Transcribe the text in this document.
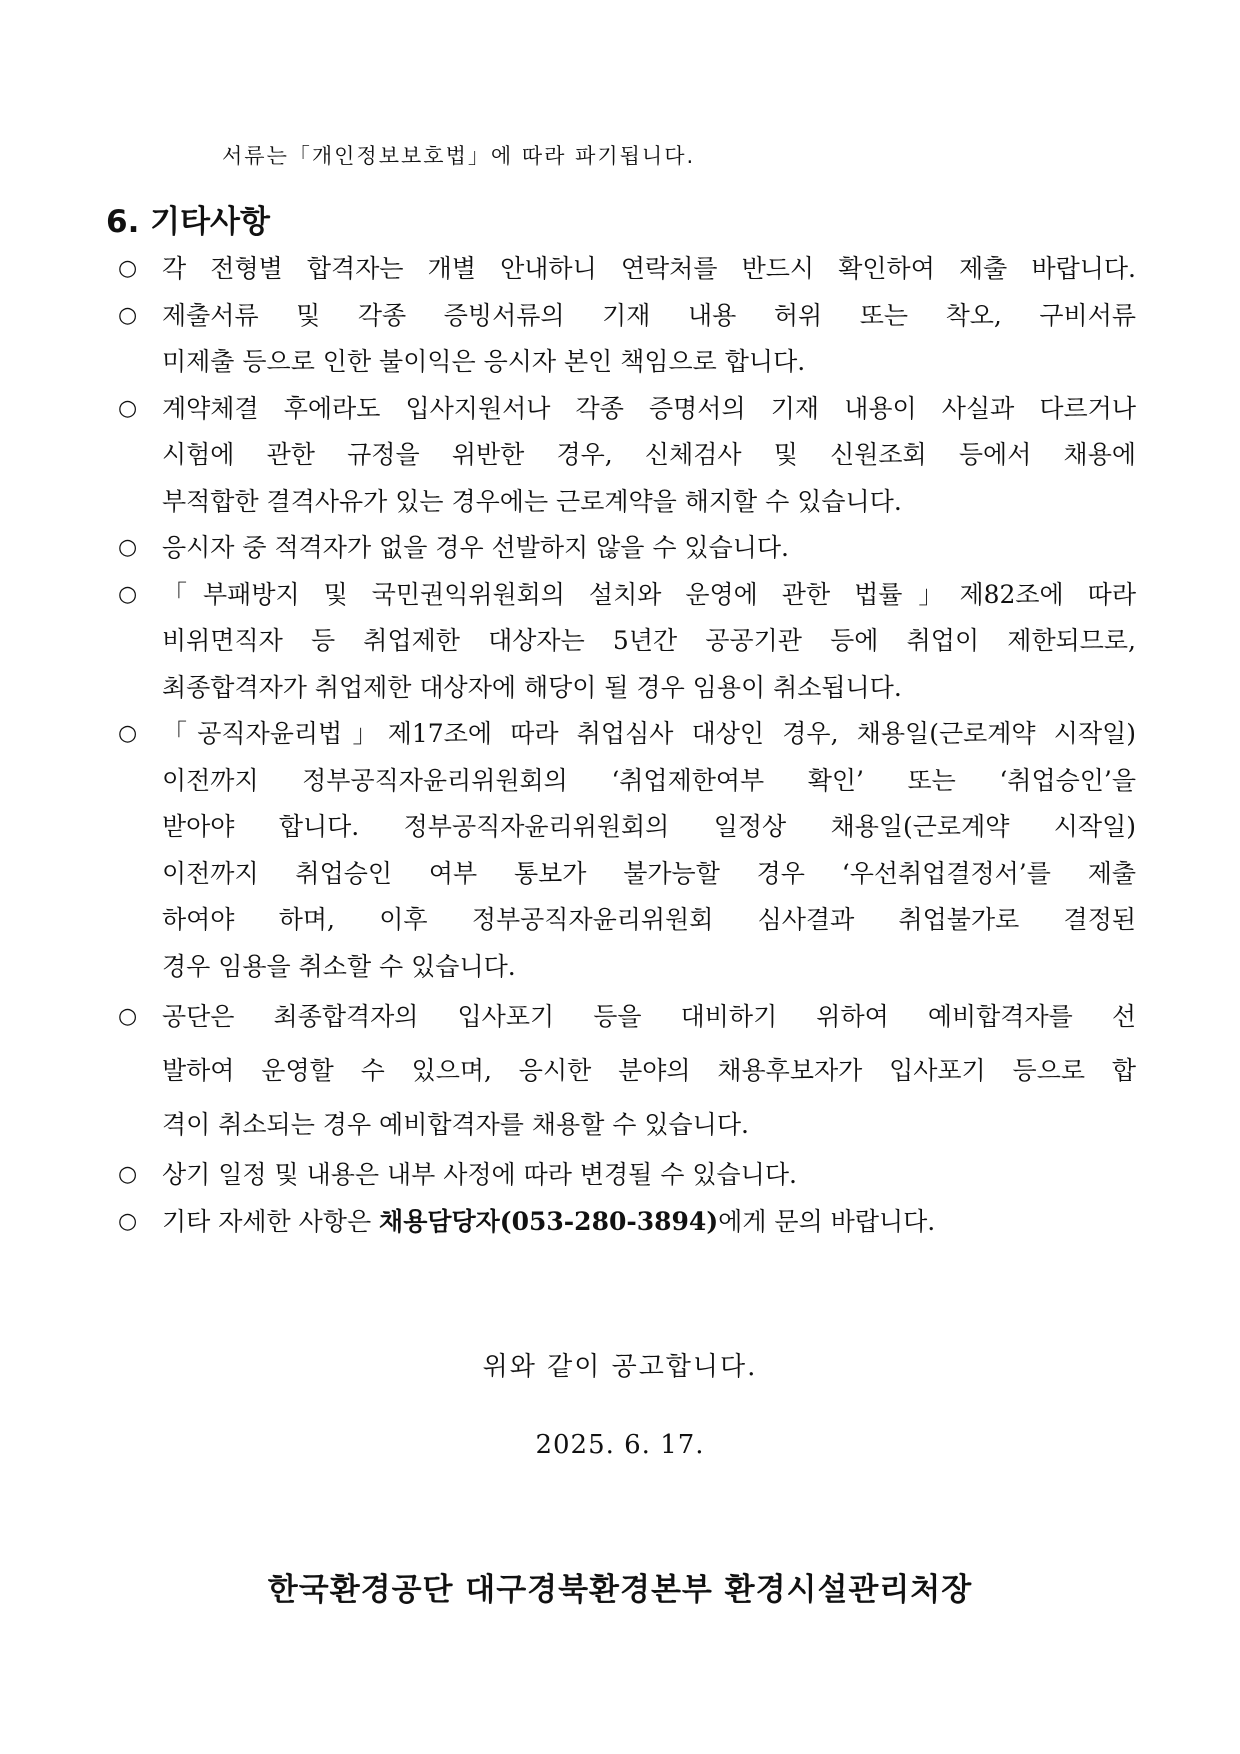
서류는「개인정보보호법」에 따라 파기됩니다.
6. 기타사항
○ 각 전형별 합격자는 개별 안내하니 연락처를 반드시 확인하여 제출 바랍니다.
○ 제출서류 및 각종 증빙서류의 기재 내용 허위 또는 착오, 구비서류
미제출 등으로 인한 불이익은 응시자 본인 책임으로 합니다.
○ 계약체결 후에라도 입사지원서나 각종 증명서의 기재 내용이 사실과 다르거나
시험에 관한 규정을 위반한 경우, 신체검사 및 신원조회 등에서 채용에
부적합한 결격사유가 있는 경우에는 근로계약을 해지할 수 있습니다.
○ 응시자 중 적격자가 없을 경우 선발하지 않을 수 있습니다.
○ 「부패방지 및 국민권익위원회의 설치와 운영에 관한 법률」제82조에 따라
비위면직자 등 취업제한 대상자는 5년간 공공기관 등에 취업이 제한되므로,
최종합격자가 취업제한 대상자에 해당이 될 경우 임용이 취소됩니다.
○ 「공직자윤리법」제17조에 따라 취업심사 대상인 경우, 채용일(근로계약 시작일)
이전까지 정부공직자윤리위원회의 ‘취업제한여부 확인’ 또는 ‘취업승인’을
받아야 합니다. 정부공직자윤리위원회의 일정상 채용일(근로계약 시작일)
이전까지 취업승인 여부 통보가 불가능할 경우 ‘우선취업결정서’를 제출
하여야 하며, 이후 정부공직자윤리위원회 심사결과 취업불가로 결정된
경우 임용을 취소할 수 있습니다.
○ 공단은 최종합격자의 입사포기 등을 대비하기 위하여 예비합격자를 선
발하여 운영할 수 있으며, 응시한 분야의 채용후보자가 입사포기 등으로 합
격이 취소되는 경우 예비합격자를 채용할 수 있습니다.
○ 상기 일정 및 내용은 내부 사정에 따라 변경될 수 있습니다.
○ 기타 자세한 사항은 채용담당자(053-280-3894)에게 문의 바랍니다.
위와 같이 공고합니다.
2025. 6. 17.
한국환경공단 대구경북환경본부 환경시설관리처장
